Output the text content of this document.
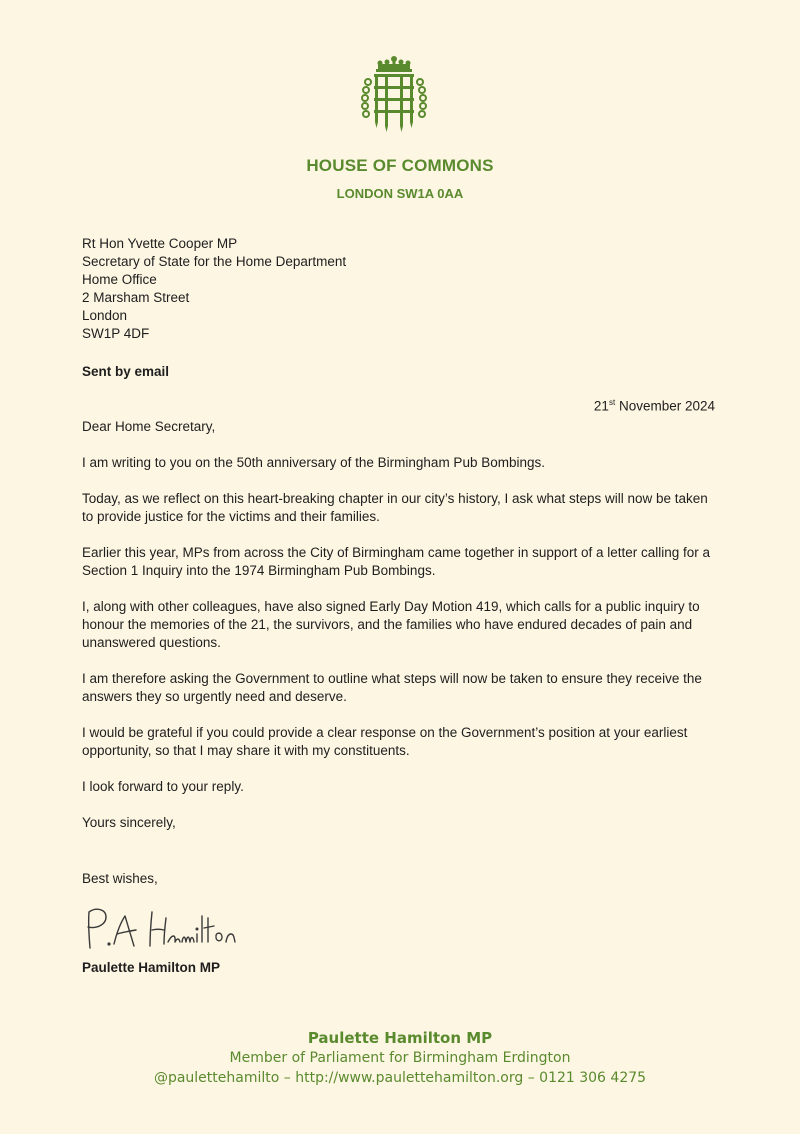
HOUSE OF COMMONS
LONDON SW1A 0AA
Rt Hon Yvette Cooper MP
Secretary of State for the Home Department
Home Office
2 Marsham Street
London
SW1P 4DF
Sent by email
21st November 2024

Dear Home Secretary,

I am writing to you on the 50th anniversary of the Birmingham Pub Bombings.

Today, as we reflect on this heart-breaking chapter in our city’s history, I ask what steps will now be taken to provide justice for the victims and their families.

Earlier this year, MPs from across the City of Birmingham came together in support of a letter calling for a Section 1 Inquiry into the 1974 Birmingham Pub Bombings.

I, along with other colleagues, have also signed Early Day Motion 419, which calls for a public inquiry to honour the memories of the 21, the survivors, and the families who have endured decades of pain and unanswered questions.

I am therefore asking the Government to outline what steps will now be taken to ensure they receive the answers they so urgently need and deserve.

I would be grateful if you could provide a clear response on the Government’s position at your earliest opportunity, so that I may share it with my constituents.

I look forward to your reply.

Yours sincerely,

Best wishes,
Paulette Hamilton MP
Paulette Hamilton MP
Member of Parliament for Birmingham Erdington
@paulettehamilto – http://www.paulettehamilton.org – 0121 306 4275
